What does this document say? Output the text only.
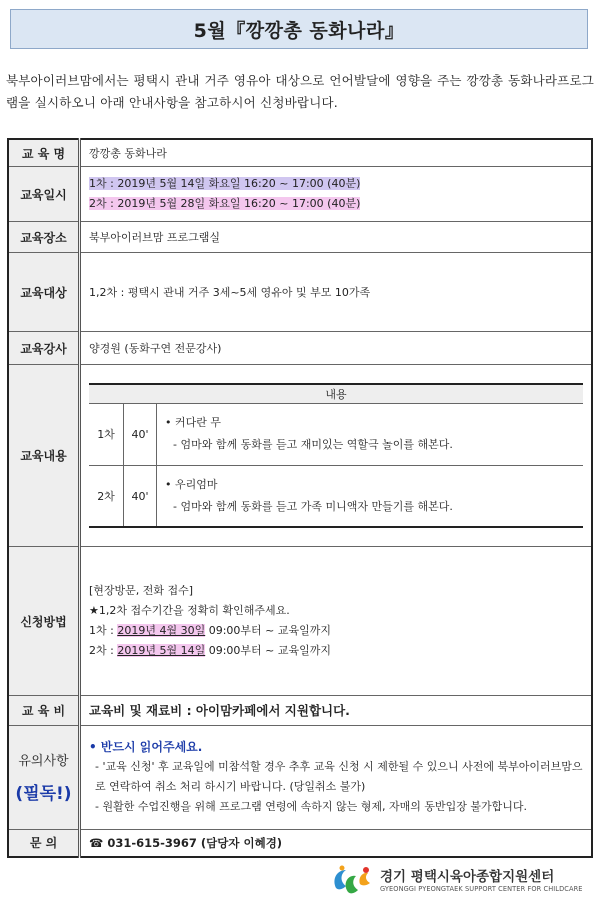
5월『깡깡총 동화나라』
북부아이러브맘에서는 평택시 관내 거주 영유아 대상으로 언어발달에 영향을 주는 깡깡총 동화나라프로그램을 실시하오니 아래 안내사항을 참고하시어 신청바랍니다.
교 육 명	깡깡총 동화나라
교육일시	
1차 : 2019년 5월 14일 화요일 16:20 ~ 17:00 (40분)
2차 : 2019년 5월 28일 화요일 16:20 ~ 17:00 (40분)

교육장소	북부아이러브맘 프로그램실
교육대상	1,2차 : 평택시 관내 거주 3세~5세 영유아 및 부모 10가족
교육강사	양경원 (동화구연 전문강사)
교육내용	
내용
1차	40'	
• 커다란 무
- 엄마와 함께 동화를 듣고 재미있는 역할극 놀이를 해본다.

2차	40'	
• 우리엄마
- 엄마와 함께 동화를 듣고 가족 미니액자 만들기를 해본다.

신청방법	
[현장방문, 전화 접수]
★1,2차 접수기간을 정확히 확인해주세요.
1차 : 2019년 4월 30일 09:00부터 ~ 교육일까지
2차 : 2019년 5월 14일 09:00부터 ~ 교육일까지

교 육 비	교육비 및 재료비 : 아이맘카페에서 지원합니다.

유의사항
(필독!)

• 반드시 읽어주세요.
- '교육 신청' 후 교육일에 미참석할 경우 추후 교육 신청 시 제한될 수 있으니 사전에 북부아이러브맘으로 연락하여 취소 처리 하시기 바랍니다. (당일취소 불가)
- 원활한 수업진행을 위해 프로그램 연령에 속하지 않는 형제, 자매의 동반입장 불가합니다.

문 의	☎ 031-615-3967 (담당자 이혜경)
경기 평택시육아종합지원센터
GYEONGGI PYEONGTAEK SUPPORT CENTER FOR CHILDCARE
